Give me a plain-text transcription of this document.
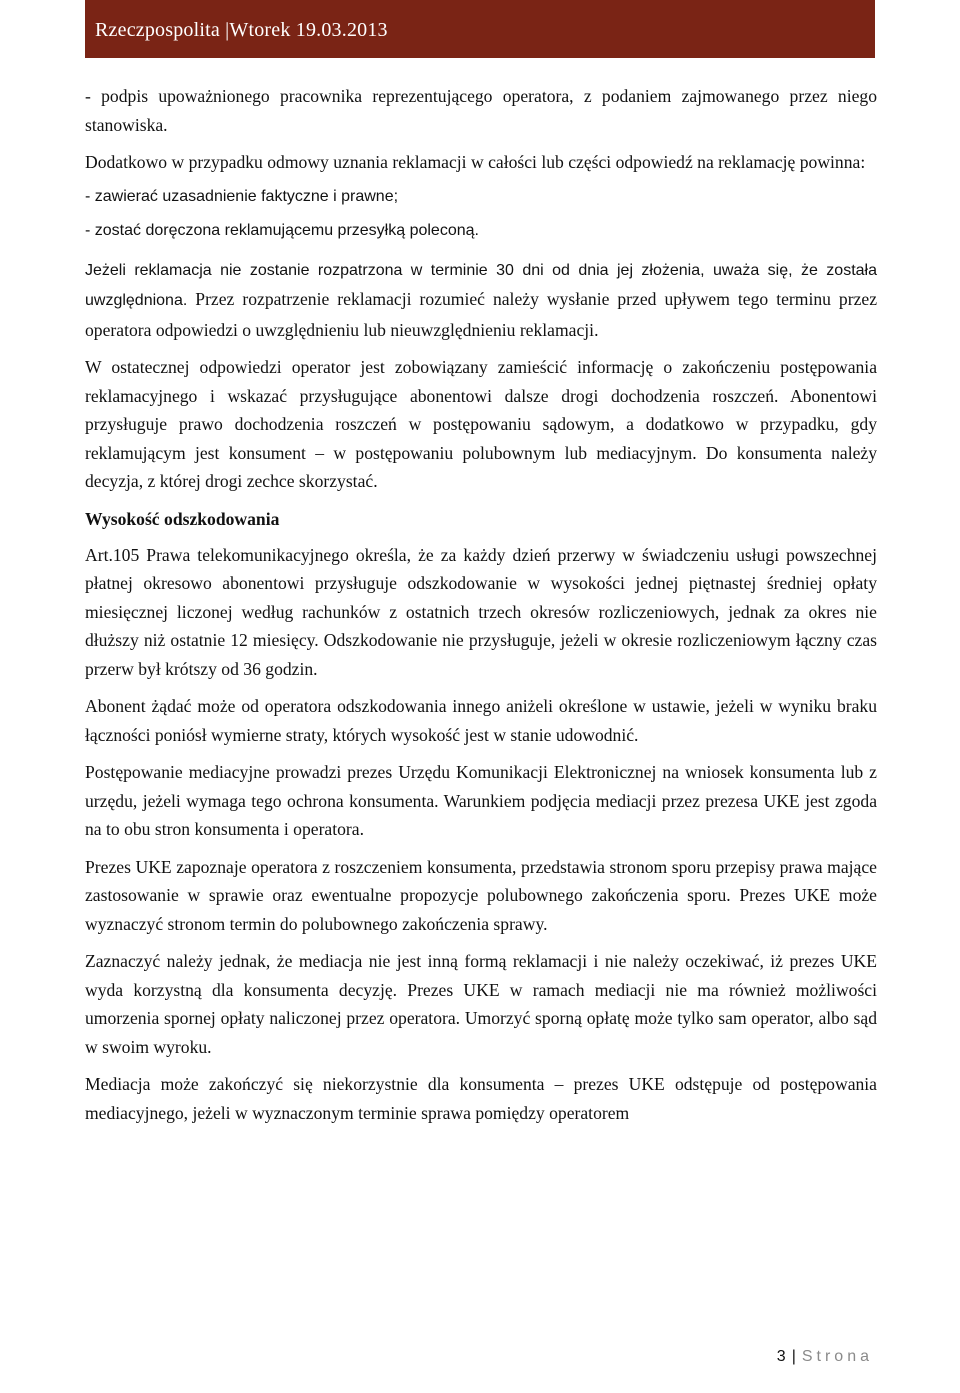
Rzeczpospolita |Wtorek 19.03.2013

- podpis upoważnionego pracownika reprezentującego operatora, z podaniem zajmowanego przez niego stanowiska.

Dodatkowo w przypadku odmowy uznania reklamacji w całości lub części odpowiedź na reklamację powinna:

- zawierać uzasadnienie faktyczne i prawne;

- zostać doręczona reklamującemu przesyłką poleconą.

Jeżeli reklamacja nie zostanie rozpatrzona w terminie 30 dni od dnia jej złożenia, uważa się, że została uwzględniona. Przez rozpatrzenie reklamacji rozumieć należy wysłanie przed upływem tego terminu przez operatora odpowiedzi o uwzględnieniu lub nieuwzględnieniu reklamacji.

W ostatecznej odpowiedzi operator jest zobowiązany zamieścić informację o zakończeniu postępowania reklamacyjnego i wskazać przysługujące abonentowi dalsze drogi dochodzenia roszczeń. Abonentowi przysługuje prawo dochodzenia roszczeń w postępowaniu sądowym, a dodatkowo w przypadku, gdy reklamującym jest konsument – w postępowaniu polubownym lub mediacyjnym. Do konsumenta należy decyzja, z której drogi zechce skorzystać.

Wysokość odszkodowania

Art.105 Prawa telekomunikacyjnego określa, że za każdy dzień przerwy w świadczeniu usługi powszechnej płatnej okresowo abonentowi przysługuje odszkodowanie w wysokości jednej piętnastej średniej opłaty miesięcznej liczonej według rachunków z ostatnich trzech okresów rozliczeniowych, jednak za okres nie dłuższy niż ostatnie 12 miesięcy. Odszkodowanie nie przysługuje, jeżeli w okresie rozliczeniowym łączny czas przerw był krótszy od 36 godzin.

Abonent żądać może od operatora odszkodowania innego aniżeli określone w ustawie, jeżeli w wyniku braku łączności poniósł wymierne straty, których wysokość jest w stanie udowodnić.

Postępowanie mediacyjne prowadzi prezes Urzędu Komunikacji Elektronicznej na wniosek konsumenta lub z urzędu, jeżeli wymaga tego ochrona konsumenta. Warunkiem podjęcia mediacji przez prezesa UKE jest zgoda na to obu stron konsumenta i operatora.

Prezes UKE zapoznaje operatora z roszczeniem konsumenta, przedstawia stronom sporu przepisy prawa mające zastosowanie w sprawie oraz ewentualne propozycje polubownego zakończenia sporu. Prezes UKE może wyznaczyć stronom termin do polubownego zakończenia sprawy.

Zaznaczyć należy jednak, że mediacja nie jest inną formą reklamacji i nie należy oczekiwać, iż prezes UKE wyda korzystną dla konsumenta decyzję. Prezes UKE w ramach mediacji nie ma również możliwości umorzenia spornej opłaty naliczonej przez operatora. Umorzyć sporną opłatę może tylko sam operator, albo sąd w swoim wyroku.

Mediacja może zakończyć się niekorzystnie dla konsumenta – prezes UKE odstępuje od postępowania mediacyjnego, jeżeli w wyznaczonym terminie sprawa pomiędzy operatorem

3 | Strona
